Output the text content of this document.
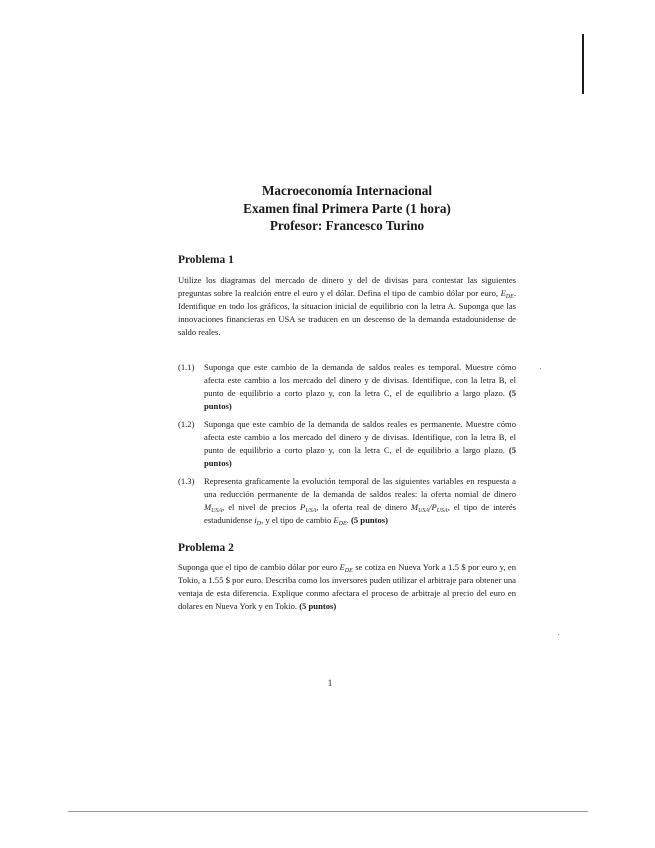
Macroeconomía Internacional

Examen final Primera Parte (1 hora)

Profesor: Francesco Turino

Problema 1

Utilize los diagramas del mercado de dinero y del de divisas para contestar las siguientes preguntas sobre la realción entre el euro y el dólar. Defina el tipo de cambio dólar por euro, $E_{DE}$. Identifique en todo los gráficos, la situacion inicial de equilibrio con la letra A. Suponga que las innovaciones financieras en USA se traducen en un descenso de la demanda estadounidense de saldo reales.

(1.1) Suponga que este cambio de la demanda de saldos reales es temporal. Muestre cómo afecta este cambio a los mercado del dinero y de divisas. Identifique, con la letra B, el punto de equilibrio a corto plazo y, con la letra C, el de equilibrio a largo plazo. (5 puntos)

(1.2) Suponga que este cambio de la demanda de saldos reales es permanente. Muestre cómo afecta este cambio a los mercado del dinero y de divisas. Identifique, con la letra B, el punto de equilibrio a corto plazo y, con la letra C, el de equilibrio a largo plazo. (5 puntos)

(1.3) Representa graficamente la evolución temporal de las siguientes variables en respuesta a una reducción permanente de la demanda de saldos reales: la oferta nomial de dinero $M_{USA}$, el nivel de precios $P_{USA}$, la oferta real de dinero $M_{USA}/P_{USA}$, el tipo de interés estadunidense $i_D$, y el tipo de cambio $E_{DE}$. (5 puntos)

Problema 2

Suponga que el tipo de cambio dólar por euro $E_{DE}$ se cotiza en Nueva York a 1.5 $ por euro y, en Tokio, a 1.55 $ por euro. Describa como los inversores puden utilizar el arbitraje para obtener una ventaja de esta diferencia. Explique conmo afectara el proceso de arbitraje al precio del euro en dolares en Nueva York y en Tokio. (5 puntos)

1
